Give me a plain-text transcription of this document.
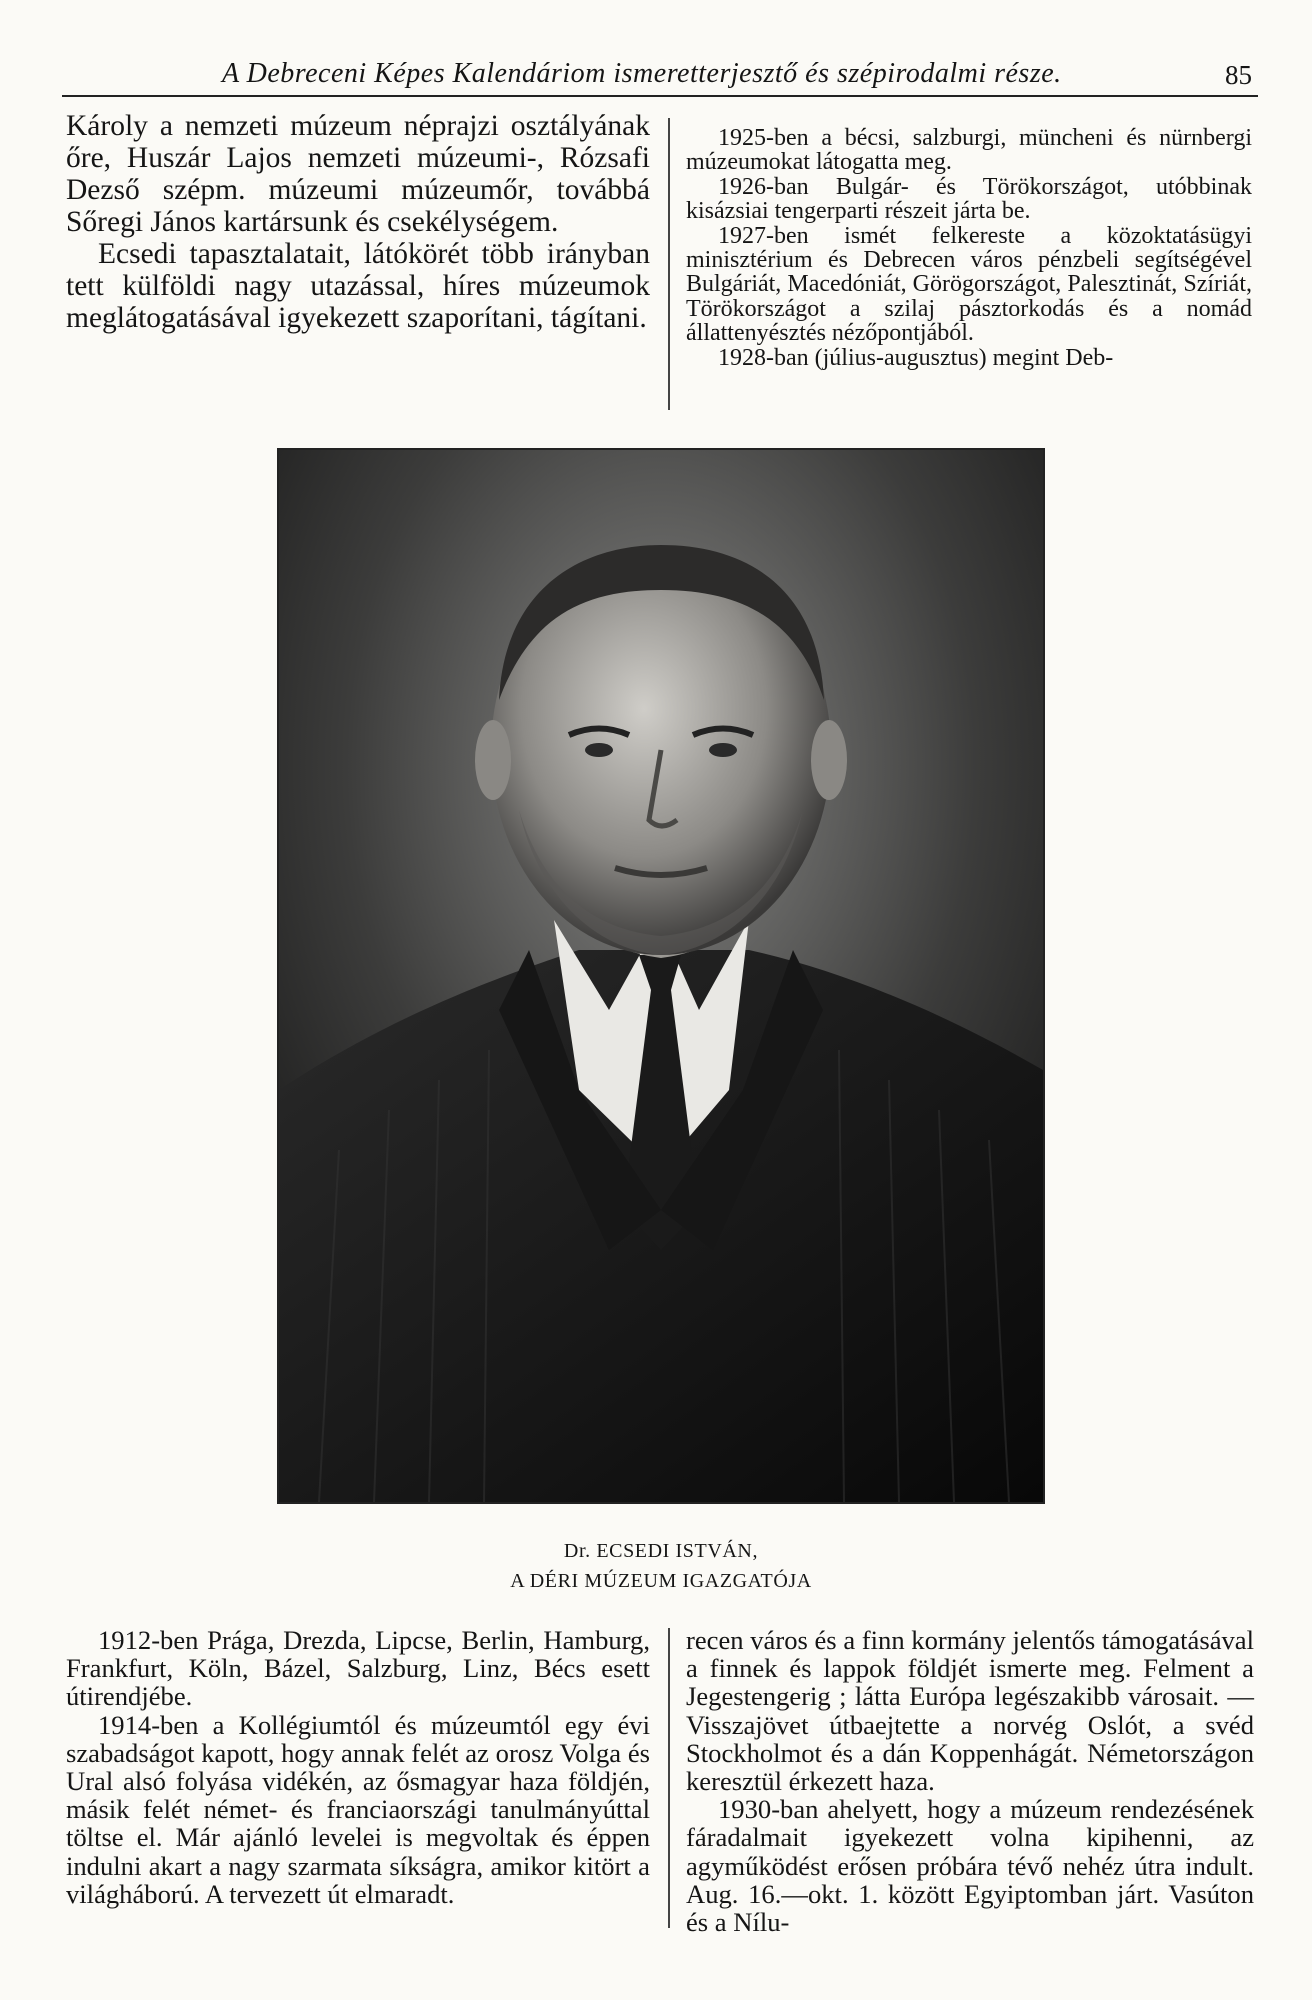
A Debreceni Képes Kalendáriom ismeretterjesztő és szépirodalmi része.	85

Károly a nemzeti múzeum néprajzi osztályának őre, Huszár Lajos nemzeti múzeumi-, Rózsafi Dezső szépm. múzeumi múzeumőr, továbbá Sőregi János kartársunk és csekélységem.

Ecsedi tapasztalatait, látókörét több irányban tett külföldi nagy utazással, híres múzeumok meglátogatásával igyekezett szaporítani, tágítani.

1925-ben a bécsi, salzburgi, müncheni és nürnbergi múzeumokat látogatta meg.

1926-ban Bulgár- és Törökországot, utóbbinak kisázsiai tengerparti részeit járta be.

1927-ben ismét felkereste a közoktatásügyi minisztérium és Debrecen város pénzbeli segítségével Bulgáriát, Macedóniát, Görögországot, Palesztinát, Szíriát, Törökországot a szilaj pásztorkodás és a nomád állattenyésztés nézőpontjából.

1928-ban (július-augusztus) megint Deb-

Dr. ECSEDI ISTVÁN,
A DÉRI MÚZEUM IGAZGATÓJA

1912-ben Prága, Drezda, Lipcse, Berlin, Hamburg, Frankfurt, Köln, Bázel, Salzburg, Linz, Bécs esett útirendjébe.

1914-ben a Kollégiumtól és múzeumtól egy évi szabadságot kapott, hogy annak felét az orosz Volga és Ural alsó folyása vidékén, az ősmagyar haza földjén, másik felét német- és franciaországi tanulmányúttal töltse el. Már ajánló levelei is megvoltak és éppen indulni akart a nagy szarmata síkságra, amikor kitört a világháború. A tervezett út elmaradt.

recen város és a finn kormány jelentős támogatásával a finnek és lappok földjét ismerte meg. Felment a Jegestengerig ; látta Európa legészakibb városait. — Visszajövet útbaejtette a norvég Oslót, a svéd Stockholmot és a dán Koppenhágát. Németországon keresztül érkezett haza.

1930-ban ahelyett, hogy a múzeum rendezésének fáradalmait igyekezett volna kipihenni, az agyműködést erősen próbára tévő nehéz útra indult. Aug. 16.—okt. 1. között Egyiptomban járt. Vasúton és a Nílu-
